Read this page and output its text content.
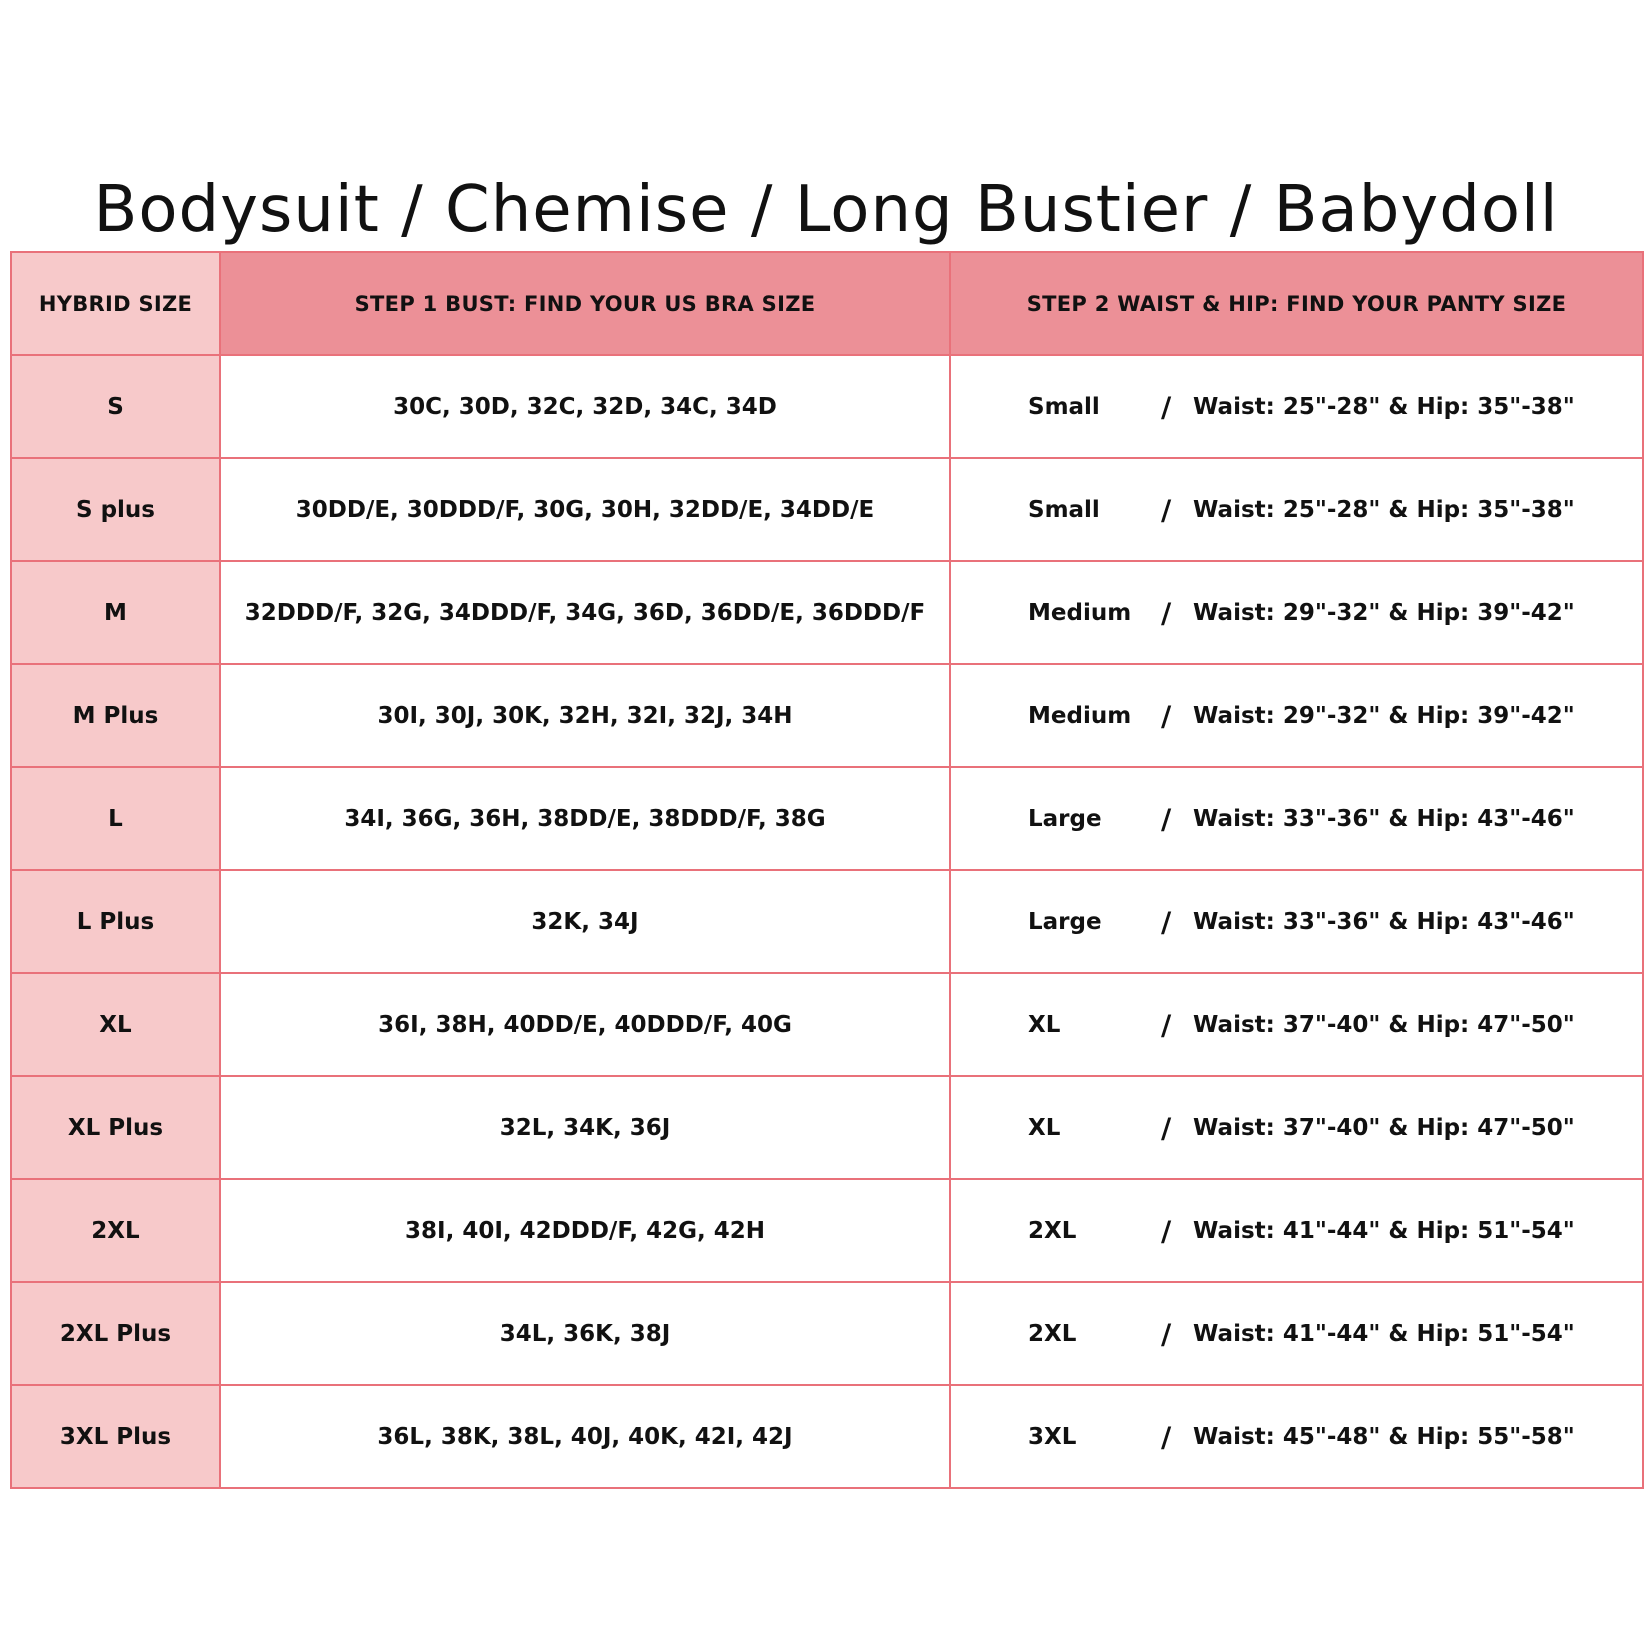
Bodysuit / Chemise / Long Bustier / Babydoll
HYBRID SIZE	STEP 1 BUST: FIND YOUR US BRA SIZE	STEP 2 WAIST & HIP: FIND YOUR PANTY SIZE
S	30C, 30D, 32C, 32D, 34C, 34D	Small / Waist: 25"-28" & Hip: 35"-38"

S plus	30DD/E, 30DDD/F, 30G, 30H, 32DD/E, 34DD/E	Small / Waist: 25"-28" & Hip: 35"-38"

M	32DDD/F, 32G, 34DDD/F, 34G, 36D, 36DD/E, 36DDD/F	Medium / Waist: 29"-32" & Hip: 39"-42"

M Plus	30I, 30J, 30K, 32H, 32I, 32J, 34H	Medium / Waist: 29"-32" & Hip: 39"-42"

L	34I, 36G, 36H, 38DD/E, 38DDD/F, 38G	Large / Waist: 33"-36" & Hip: 43"-46"

L Plus	32K, 34J	Large / Waist: 33"-36" & Hip: 43"-46"

XL	36I, 38H, 40DD/E, 40DDD/F, 40G	XL / Waist: 37"-40" & Hip: 47"-50"

XL Plus	32L, 34K, 36J	XL / Waist: 37"-40" & Hip: 47"-50"

2XL	38I, 40I, 42DDD/F, 42G, 42H	2XL / Waist: 41"-44" & Hip: 51"-54"

2XL Plus	34L, 36K, 38J	2XL / Waist: 41"-44" & Hip: 51"-54"

3XL Plus	36L, 38K, 38L, 40J, 40K, 42I, 42J	3XL / Waist: 45"-48" & Hip: 55"-58"
